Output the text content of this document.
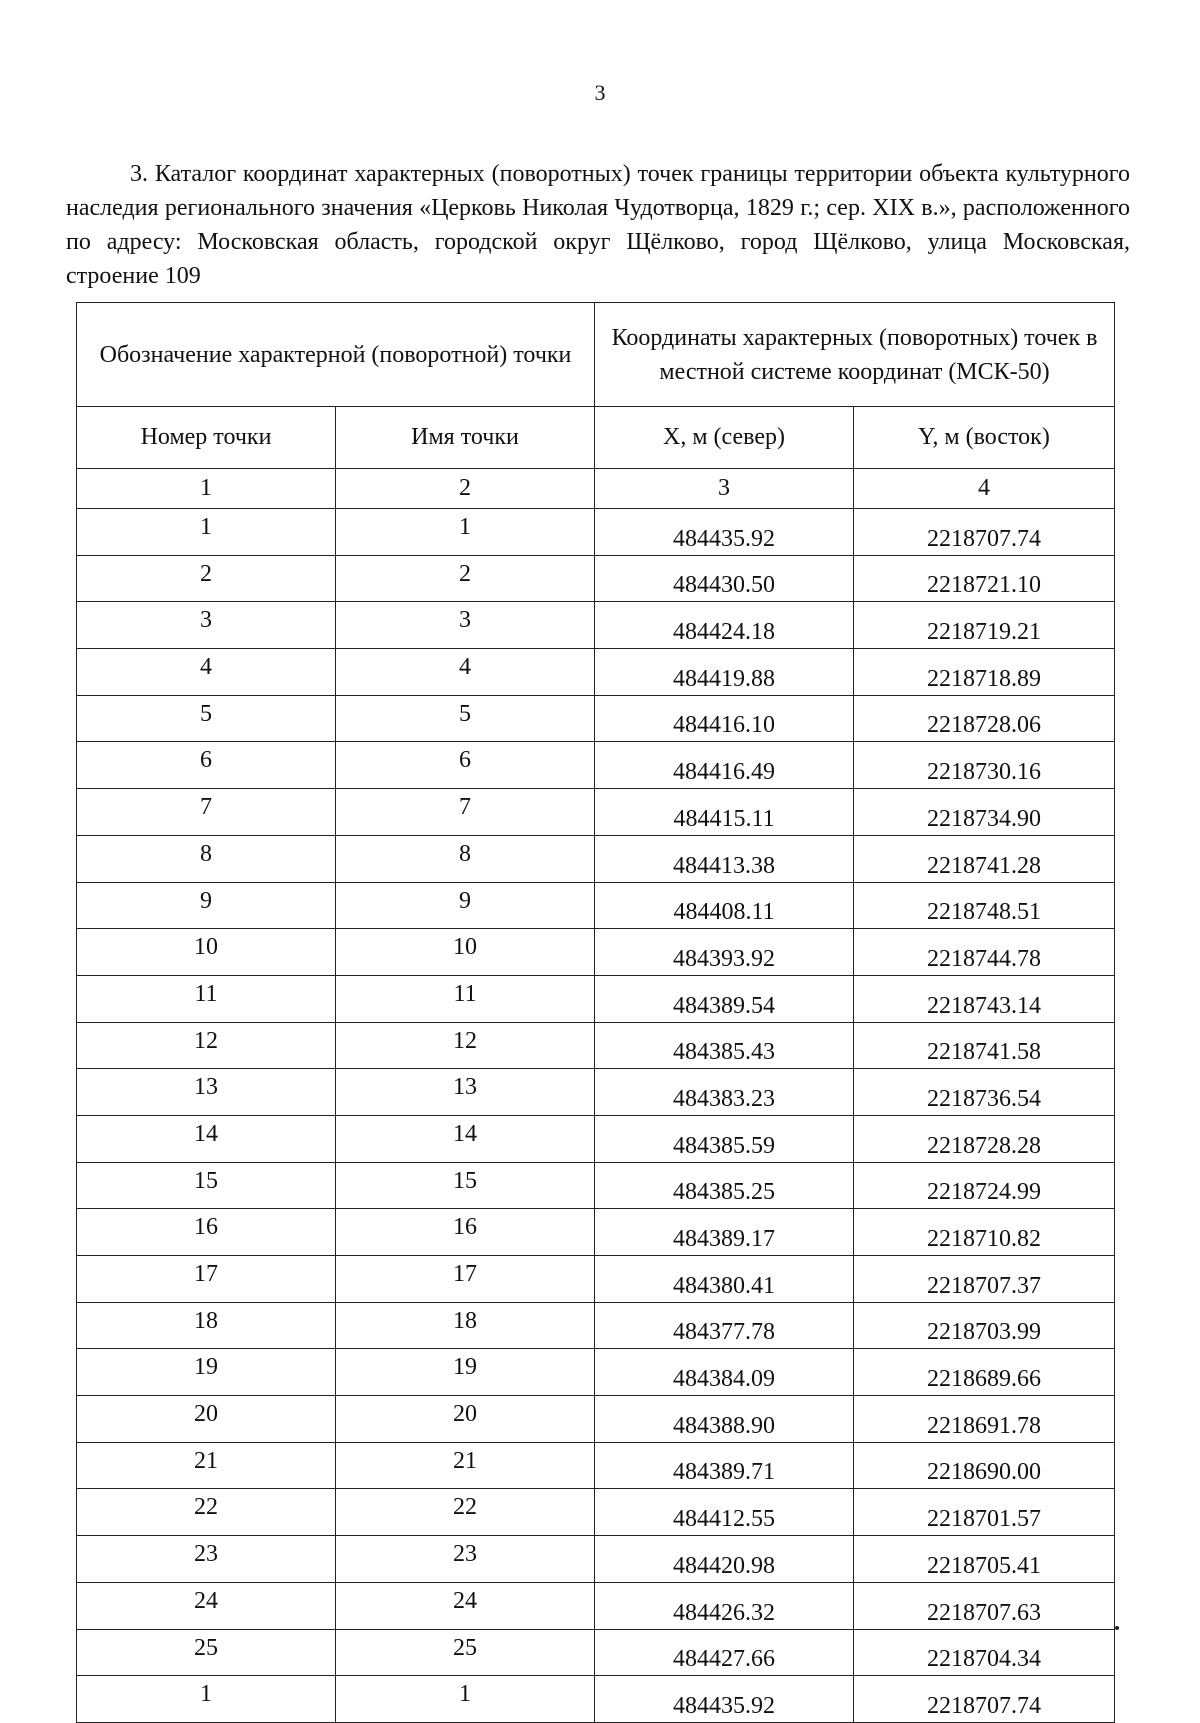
3

3. Каталог координат характерных (поворотных) точек границы территории объекта культурного наследия регионального значения «Церковь Николая Чудотворца, 1829 г.; сер. XIX в.», расположенного по адресу: Московская область, городской округ Щёлково, город Щёлково, улица Московская, строение 109

Обозначение характерной (поворотной) точки		Координаты характерных (поворотных) точек в местной системе координат (МСК-50)	
Номер точки	Имя точки	X, м (север)	Y, м (восток)
1	2	3	4
1	1	484435.92	2218707.74
2	2	484430.50	2218721.10
3	3	484424.18	2218719.21
4	4	484419.88	2218718.89
5	5	484416.10	2218728.06
6	6	484416.49	2218730.16
7	7	484415.11	2218734.90
8	8	484413.38	2218741.28
9	9	484408.11	2218748.51
10	10	484393.92	2218744.78
11	11	484389.54	2218743.14
12	12	484385.43	2218741.58
13	13	484383.23	2218736.54
14	14	484385.59	2218728.28
15	15	484385.25	2218724.99
16	16	484389.17	2218710.82
17	17	484380.41	2218707.37
18	18	484377.78	2218703.99
19	19	484384.09	2218689.66
20	20	484388.90	2218691.78
21	21	484389.71	2218690.00
22	22	484412.55	2218701.57
23	23	484420.98	2218705.41
24	24	484426.32	2218707.63
25	25	484427.66	2218704.34
1	1	484435.92	2218707.74
